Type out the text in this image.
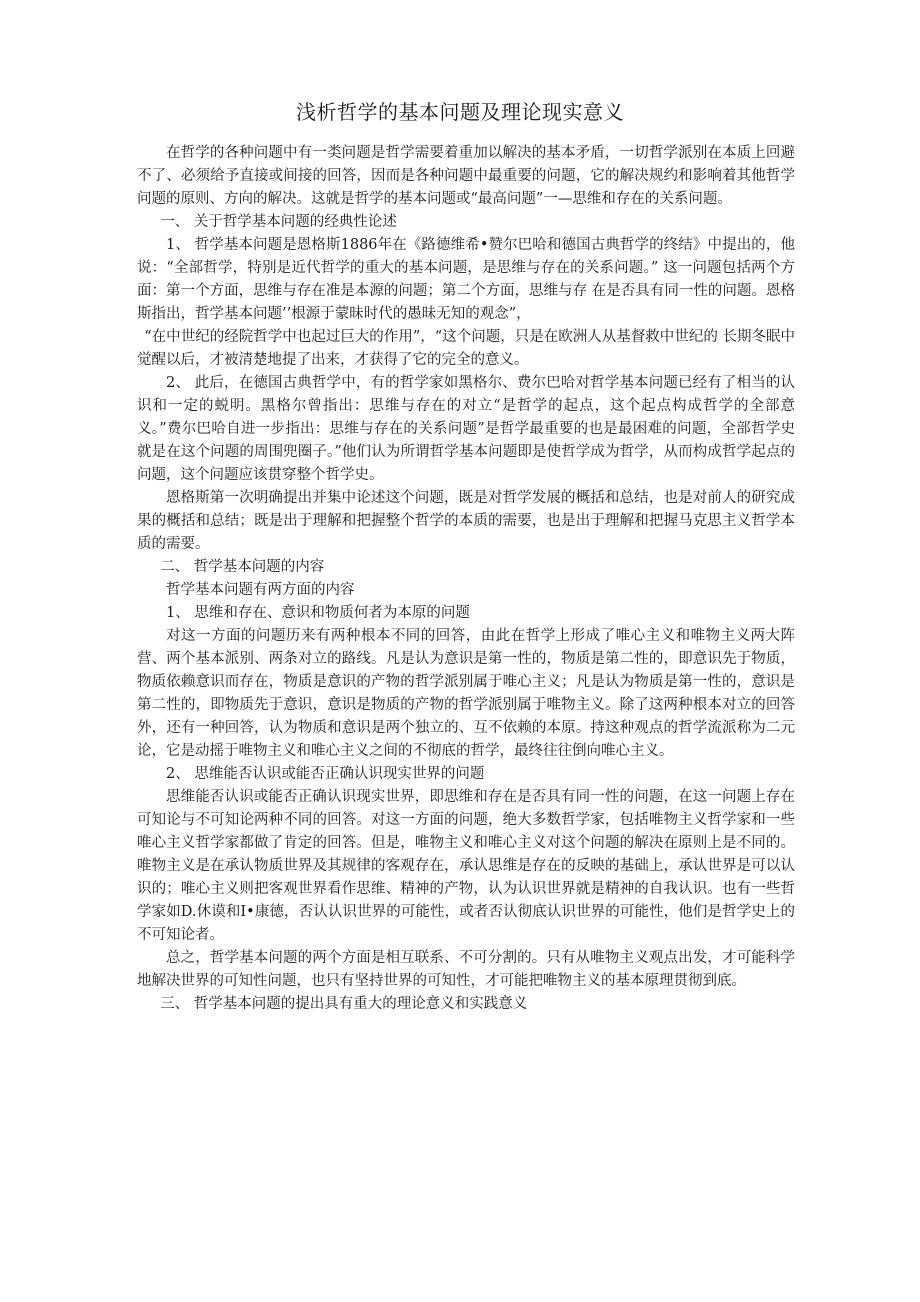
浅析哲学的基本问题及理论现实意义

在哲学的各种问题中有一类问题是哲学需要着重加以解决的基本矛盾，一切哲学派别在本质上回避不了、必须给予直接或间接的回答，因而是各种问题中最重要的问题，它的解决规约和影响着其他哲学问题的原则、方向的解决。这就是哲学的基本问题或“最高问题”一—思维和存在的关系问题。

一、 关于哲学基本问题的经典性论述

1、 哲学基本问题是恩格斯1886年在《路德维希•赞尔巴哈和德国古典哲学的终结》中提出的，他说：“全部哲学，特别是近代哲学的重大的基本问题，是思维与存在的关系问题。” 这一问题包括两个方面：第一个方面，思维与存在准是本源的问题；第二个方面，思维与存 在是否具有同一性的问题。恩格斯指出，哲学基本问题’’根源于蒙昧时代的愚昧无知的观念”，

“在中世纪的经院哲学中也起过巨大的作用”，“这个问题，只是在欧洲人从基督救中世纪的 长期冬眠中觉醒以后，才被清楚地提了出来，才获得了它的完全的意义。

2、 此后，在德国古典哲学中，有的哲学家如黑格尔、费尔巴哈对哲学基本问题已经有了相当的认识和一定的蜕明。黑格尔曾指出：思维与存在的对立“是哲学的起点，这个起点构成哲学的全部意义。”费尔巴哈自进一步指出：思维与存在的关系问题”是哲学最重要的也是最困难的问题，全部哲学史就是在这个问题的周围兜圈子。”他们认为所谓哲学基本问题即是使哲学成为哲学，从而构成哲学起点的问题，这个问题应该贯穿整个哲学史。

恩格斯第一次明确提出并集中论述这个问题，既是对哲学发展的概括和总结，也是对前人的研究成果的概括和总结；既是出于理解和把握整个哲学的本质的需要，也是出于理解和把握马克思主义哲学本质的需要。

二、 哲学基本问题的内容

哲学基本问题有两方面的内容

1、 思维和存在、意识和物质何者为本原的问题

对这一方面的问题历来有两种根本不同的回答，由此在哲学上形成了唯心主义和唯物主义两大阵营、两个基本派别、两条对立的路线。凡是认为意识是第一性的，物质是第二性的，即意识先于物质，物质依赖意识而存在，物质是意识的产物的哲学派别属于唯心主义；凡是认为物质是第一性的，意识是第二性的，即物质先于意识，意识是物质的产物的哲学派别属于唯物主义。除了这两种根本对立的回答外，还有一种回答，认为物质和意识是两个独立的、互不依赖的本原。持这种观点的哲学流派称为二元论，它是动摇于唯物主义和唯心主义之间的不彻底的哲学，最终往往倒向唯心主义。

2、 思维能否认识或能否正确认识现实世界的问题

思维能否认识或能否正确认识现实世界，即思维和存在是否具有同一性的问题，在这一问题上存在可知论与不可知论两种不同的回答。对这一方面的问题，绝大多数哲学家，包括唯物主义哲学家和一些唯心主义哲学家都做了肯定的回答。但是，唯物主义和唯心主义对这个问题的解决在原则上是不同的。唯物主义是在承认物质世界及其规律的客观存在，承认思维是存在的反映的基础上，承认世界是可以认识的；唯心主义则把客观世界看作思维、精神的产物，认为认识世界就是精神的自我认识。也有一些哲学家如D.休谟和I•康德，否认认识世界的可能性，或者否认彻底认识世界的可能性，他们是哲学史上的不可知论者。

总之，哲学基本问题的两个方面是相互联系、不可分割的。只有从唯物主义观点出发，才可能科学地解决世界的可知性问题，也只有坚持世界的可知性，才可能把唯物主义的基本原理贯彻到底。

三、 哲学基本问题的提出具有重大的理论意义和实践意义
